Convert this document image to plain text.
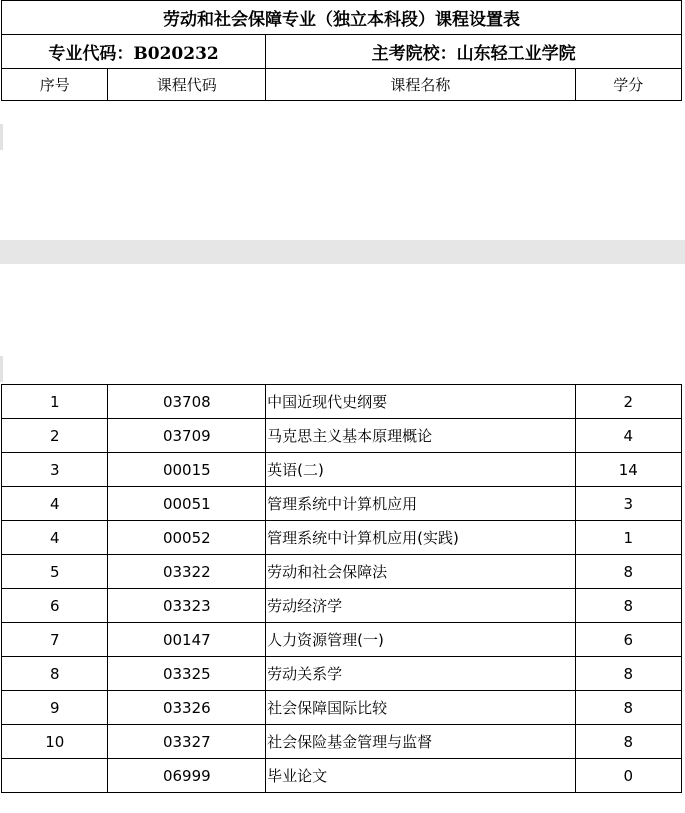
劳动和社会保障专业（独立本科段）课程设置表			
专业代码：B020232		主考院校：山东轻工业学院	
序号	课程代码	课程名称	学分
1	03708	中国近现代史纲要	2
2	03709	马克思主义基本原理概论	4
3	00015	英语(二)	14
4	00051	管理系统中计算机应用	3
4	00052	管理系统中计算机应用(实践)	1
5	03322	劳动和社会保障法	8
6	03323	劳动经济学	8
7	00147	人力资源管理(一)	6
8	03325	劳动关系学	8
9	03326	社会保障国际比较	8
10	03327	社会保险基金管理与监督	8
	06999	毕业论文	0
